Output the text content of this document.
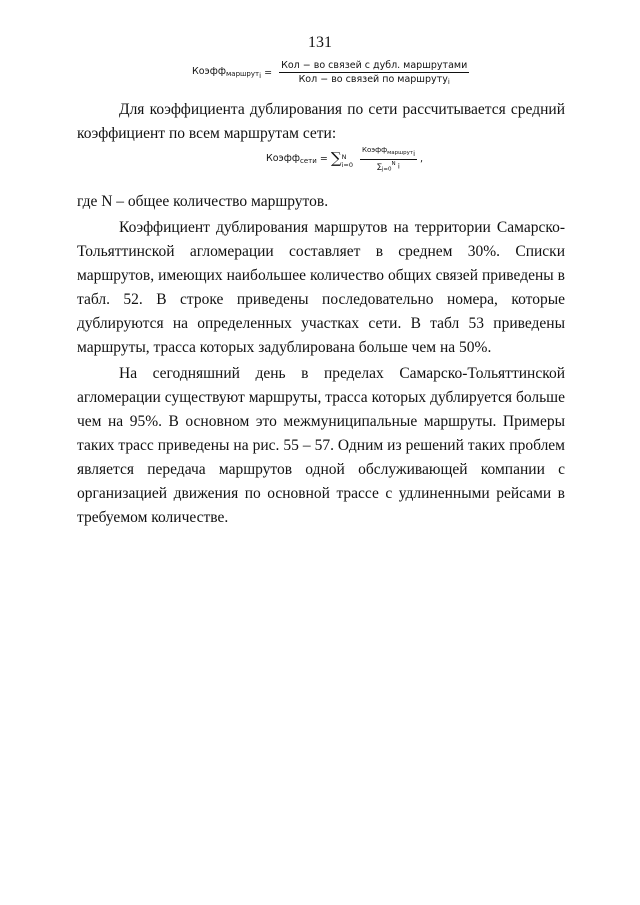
131
Коэфф$_{маршрут_i}$ = $\frac{\text{Кол − во связей с дубл. маршрутами}}{Кол - во связей по маршруту_i}$

Для коэффициента дублирования по сети рассчитывается средний коэффициент по всем маршрутам сети:

Коэфф$_{сети}$ = ∑ N
i=0
$\frac{Коэфф_{маршрут_i}}{\sum_{j=0}^N i}$ ,

где N – общее количество маршрутов.

Коэффициент дублирования маршрутов на территории Самарско-Тольяттинской агломерации составляет в среднем 30%. Списки маршрутов, имеющих наибольшее количество общих связей приведены в табл. 52. В строке приведены последовательно номера, которые дублируются на определенных участках сети. В табл 53 приведены маршруты, трасса которых задублирована больше чем на 50%.

На сегодняшний день в пределах Самарско-Тольяттинской агломерации существуют маршруты, трасса которых дублируется больше чем на 95%. В основном это межмуниципальные маршруты. Примеры таких трасс приведены на рис. 55 – 57. Одним из решений таких проблем является передача маршрутов одной обслуживающей компании с организацией движения по основной трассе с удлиненными рейсами в требуемом количестве.
